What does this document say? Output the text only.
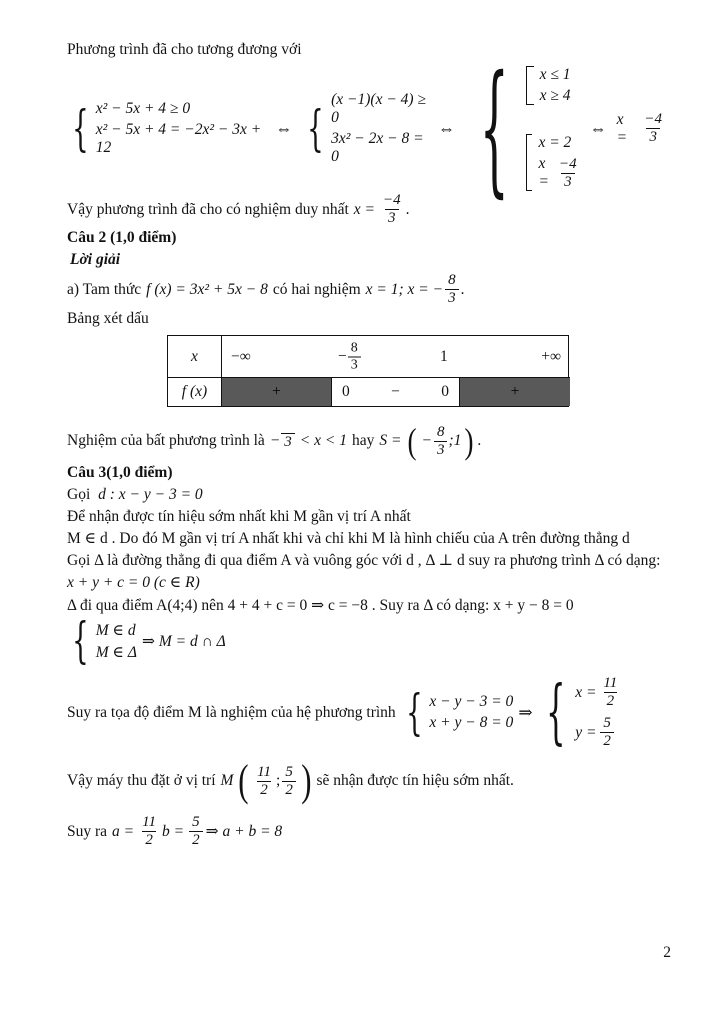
Phương trình đã cho tương đương với

{ x² − 5x + 4 ≥ 0
x² − 5x + 4 = −2x² − 3x + 12
⇔ {
(x −1)(x − 4) ≥ 0
3x² − 2x − 8 = 0
⇔ { x ≤ 1
x ≥ 4
x = 2
$x = \frac{-4}{3}$
⇔ $x = \frac{-4}{3}$
Vậy phương trình đã cho có nghiệm duy nhất $x = \frac{-4}{3}$ .

Câu 2 (1,0 điểm)

Lời giải

a) Tam thức f (x) = 3x² + 5x − 8 có hai nghiệm x = 1; x = − $\frac{8}{3}$ .

Bảng xét dấu

x −∞	− $\frac{8}{3}$	1	+∞
f (x)	+	0	−	0	+
Nghiệm của bất phương trình là − 3 < x < 1 hay S = ( − $\frac{8}{3}$ ;1 ) .

Câu 3(1,0 điểm)

Gọi d : x − y − 3 = 0

Để nhận được tín hiệu sớm nhất khi M gần vị trí A nhất

M ∈ d . Do đó M gần vị trí A nhất khi và chỉ khi M là hình chiếu của A trên đường thẳng d

Gọi Δ là đường thẳng đi qua điểm A và vuông góc với d , Δ ⊥ d suy ra phương trình Δ có dạng:

x + y + c = 0 (c ∈ R)

Δ đi qua điểm A(4;4) nên 4 + 4 + c = 0 ⇒ c = −8 . Suy ra Δ có dạng: x + y − 8 = 0

{ M ∈ d
M ∈ Δ
⇒ M = d ∩ Δ
Suy ra tọa độ điểm M là nghiệm của hệ phương trình { x − y − 3 = 0
x + y − 8 = 0
⇒ { $x = \frac{11}{2}$
$y = \frac{5}{2}$
Vậy máy thu đặt ở vị trí M ( $\frac{11}{2}$ ; $\frac{5}{2}$ ) sẽ nhận được tín hiệu sớm nhất.
Suy ra $a = \frac{11}{2}$ $b = \frac{5}{2}$ ⇒ a + b = 8
2
